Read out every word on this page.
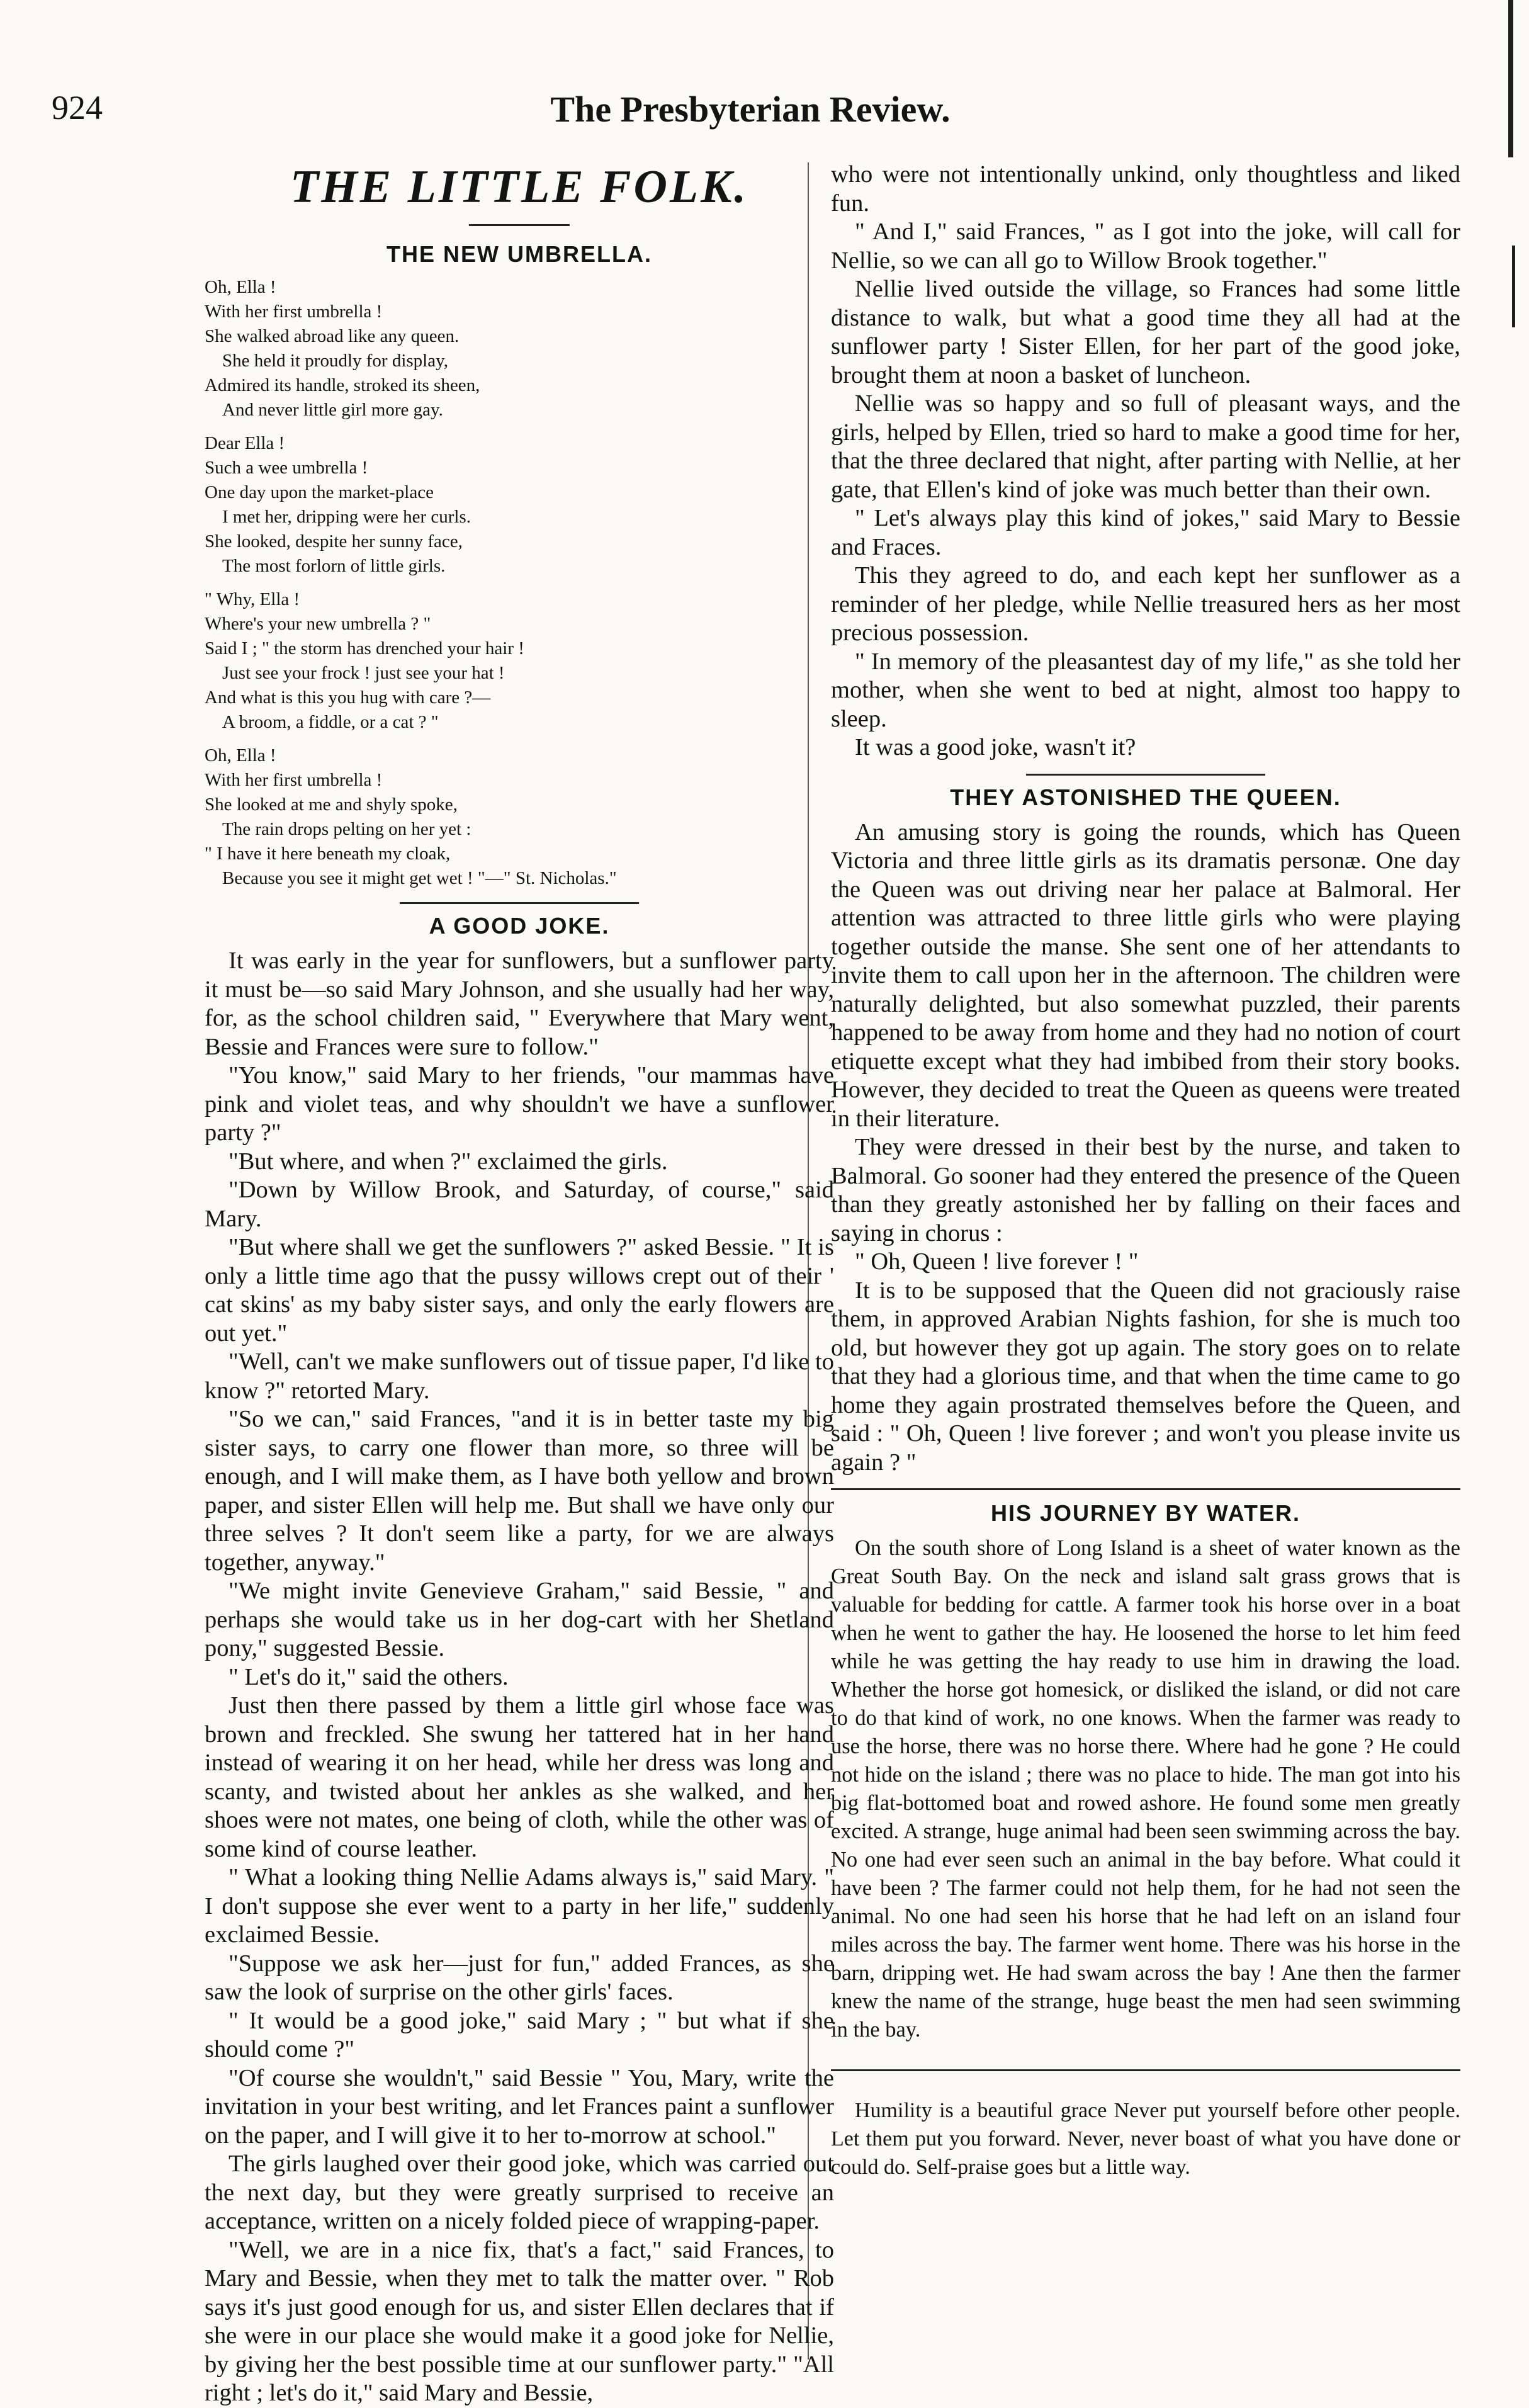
924	The Presbyterian Review.
THE LITTLE FOLK.
THE NEW UMBRELLA.
Oh, Ella !
With her first umbrella !
She walked abroad like any queen.
She held it proudly for display,
Admired its handle, stroked its sheen,
And never little girl more gay.
Dear Ella !
Such a wee umbrella !
One day upon the market-place
I met her, dripping were her curls.
She looked, despite her sunny face,
The most forlorn of little girls.
" Why, Ella !
Where's your new umbrella ? "
Said I ; " the storm has drenched your hair !
Just see your frock ! just see your hat !
And what is this you hug with care ?—
A broom, a fiddle, or a cat ? "
Oh, Ella !
With her first umbrella !
She looked at me and shyly spoke,
The rain drops pelting on her yet :
" I have it here beneath my cloak,
Because you see it might get wet ! "—" St. Nicholas."
A GOOD JOKE.

It was early in the year for sunflowers, but a sunflower party it must be—so said Mary Johnson, and she usually had her way, for, as the school children said, " Everywhere that Mary went, Bessie and Frances were sure to follow."

"You know," said Mary to her friends, "our mammas have pink and violet teas, and why shouldn't we have a sunflower party ?"

"But where, and when ?" exclaimed the girls.

"Down by Willow Brook, and Saturday, of course," said Mary.

"But where shall we get the sunflowers ?" asked Bessie. " It is only a little time ago that the pussy willows crept out of their ' cat skins' as my baby sister says, and only the early flowers are out yet."

"Well, can't we make sunflowers out of tissue paper, I'd like to know ?" retorted Mary.

"So we can," said Frances, "and it is in better taste my big sister says, to carry one flower than more, so three will be enough, and I will make them, as I have both yellow and brown paper, and sister Ellen will help me. But shall we have only our three selves ? It don't seem like a party, for we are always together, anyway."

"We might invite Genevieve Graham," said Bessie, " and perhaps she would take us in her dog-cart with her Shetland pony," suggested Bessie.

" Let's do it," said the others.

Just then there passed by them a little girl whose face was brown and freckled. She swung her tattered hat in her hand instead of wearing it on her head, while her dress was long and scanty, and twisted about her ankles as she walked, and her shoes were not mates, one being of cloth, while the other was of some kind of course leather.

" What a looking thing Nellie Adams always is," said Mary. " I don't suppose she ever went to a party in her life," suddenly exclaimed Bessie.

"Suppose we ask her—just for fun," added Frances, as she saw the look of surprise on the other girls' faces.

" It would be a good joke," said Mary ; " but what if she should come ?"

"Of course she wouldn't," said Bessie " You, Mary, write the invitation in your best writing, and let Frances paint a sunflower on the paper, and I will give it to her to-morrow at school."

The girls laughed over their good joke, which was carried out the next day, but they were greatly surprised to receive an acceptance, written on a nicely folded piece of wrapping-paper.

"Well, we are in a nice fix, that's a fact," said Frances, to Mary and Bessie, when they met to talk the matter over. " Rob says it's just good enough for us, and sister Ellen declares that if she were in our place she would make it a good joke for Nellie, by giving her the best possible time at our sunflower party." "All right ; let's do it," said Mary and Bessie,

who were not intentionally unkind, only thoughtless and liked fun.

" And I," said Frances, " as I got into the joke, will call for Nellie, so we can all go to Willow Brook together."

Nellie lived outside the village, so Frances had some little distance to walk, but what a good time they all had at the sunflower party ! Sister Ellen, for her part of the good joke, brought them at noon a basket of luncheon.

Nellie was so happy and so full of pleasant ways, and the girls, helped by Ellen, tried so hard to make a good time for her, that the three declared that night, after parting with Nellie, at her gate, that Ellen's kind of joke was much better than their own.

" Let's always play this kind of jokes," said Mary to Bessie and Fraces.

This they agreed to do, and each kept her sunflower as a reminder of her pledge, while Nellie treasured hers as her most precious possession.

" In memory of the pleasantest day of my life," as she told her mother, when she went to bed at night, almost too happy to sleep.

It was a good joke, wasn't it?

THEY ASTONISHED THE QUEEN.

An amusing story is going the rounds, which has Queen Victoria and three little girls as its dramatis personæ. One day the Queen was out driving near her palace at Balmoral. Her attention was attracted to three little girls who were playing together outside the manse. She sent one of her attendants to invite them to call upon her in the afternoon. The children were naturally delighted, but also somewhat puzzled, their parents happened to be away from home and they had no notion of court etiquette except what they had imbibed from their story books. However, they decided to treat the Queen as queens were treated in their literature.

They were dressed in their best by the nurse, and taken to Balmoral. Go sooner had they entered the presence of the Queen than they greatly astonished her by falling on their faces and saying in chorus :

" Oh, Queen ! live forever ! "

It is to be supposed that the Queen did not graciously raise them, in approved Arabian Nights fashion, for she is much too old, but however they got up again. The story goes on to relate that they had a glorious time, and that when the time came to go home they again prostrated themselves before the Queen, and said : " Oh, Queen ! live forever ; and won't you please invite us again ? "

HIS JOURNEY BY WATER.

On the south shore of Long Island is a sheet of water known as the Great South Bay. On the neck and island salt grass grows that is valuable for bedding for cattle. A farmer took his horse over in a boat when he went to gather the hay. He loosened the horse to let him feed while he was getting the hay ready to use him in drawing the load. Whether the horse got homesick, or disliked the island, or did not care to do that kind of work, no one knows. When the farmer was ready to use the horse, there was no horse there. Where had he gone ? He could not hide on the island ; there was no place to hide. The man got into his big flat-bottomed boat and rowed ashore. He found some men greatly excited. A strange, huge animal had been seen swimming across the bay. No one had ever seen such an animal in the bay before. What could it have been ? The farmer could not help them, for he had not seen the animal. No one had seen his horse that he had left on an island four miles across the bay. The farmer went home. There was his horse in the barn, dripping wet. He had swam across the bay ! Ane then the farmer knew the name of the strange, huge beast the men had seen swimming in the bay.

Humility is a beautiful grace Never put yourself before other people. Let them put you forward. Never, never boast of what you have done or could do. Self-praise goes but a little way.
